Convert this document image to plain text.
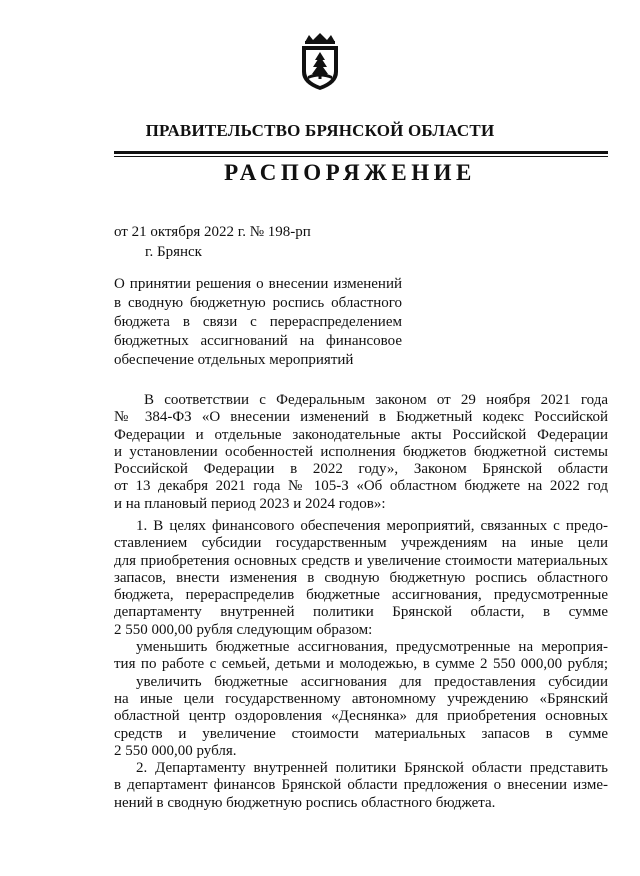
ПРАВИТЕЛЬСТВО БРЯНСКОЙ ОБЛАСТИ
РАСПОРЯЖЕНИЕ
от 21 октября 2022 г. № 198-рп
г. Брянск
О принятии решения о внесении изменений
в сводную бюджетную роспись областного
бюджета в связи с перераспределением
бюджетных ассигнований на финансовое
обеспечение отдельных мероприятий
В соответствии с Федеральным законом от 29 ноября 2021 года
№ 384-ФЗ «О внесении изменений в Бюджетный кодекс Российской
Федерации и отдельные законодательные акты Российской Федерации
и установлении особенностей исполнения бюджетов бюджетной системы
Российской Федерации в 2022 году», Законом Брянской области
от 13 декабря 2021 года № 105-З «Об областном бюджете на 2022 год
и на плановый период 2023 и 2024 годов»:
1. В целях финансового обеспечения мероприятий, связанных с предо-
ставлением субсидии государственным учреждениям на иные цели
для приобретения основных средств и увеличение стоимости материальных
запасов, внести изменения в сводную бюджетную роспись областного
бюджета, перераспределив бюджетные ассигнования, предусмотренные
департаменту внутренней политики Брянской области, в сумме
2 550 000,00 рубля следующим образом:
уменьшить бюджетные ассигнования, предусмотренные на мероприя-
тия по работе с семьей, детьми и молодежью, в сумме 2 550 000,00 рубля;
увеличить бюджетные ассигнования для предоставления субсидии
на иные цели государственному автономному учреждению «Брянский
областной центр оздоровления «Деснянка» для приобретения основных
средств и увеличение стоимости материальных запасов в сумме
2 550 000,00 рубля.
2. Департаменту внутренней политики Брянской области представить
в департамент финансов Брянской области предложения о внесении изме-
нений в сводную бюджетную роспись областного бюджета.
